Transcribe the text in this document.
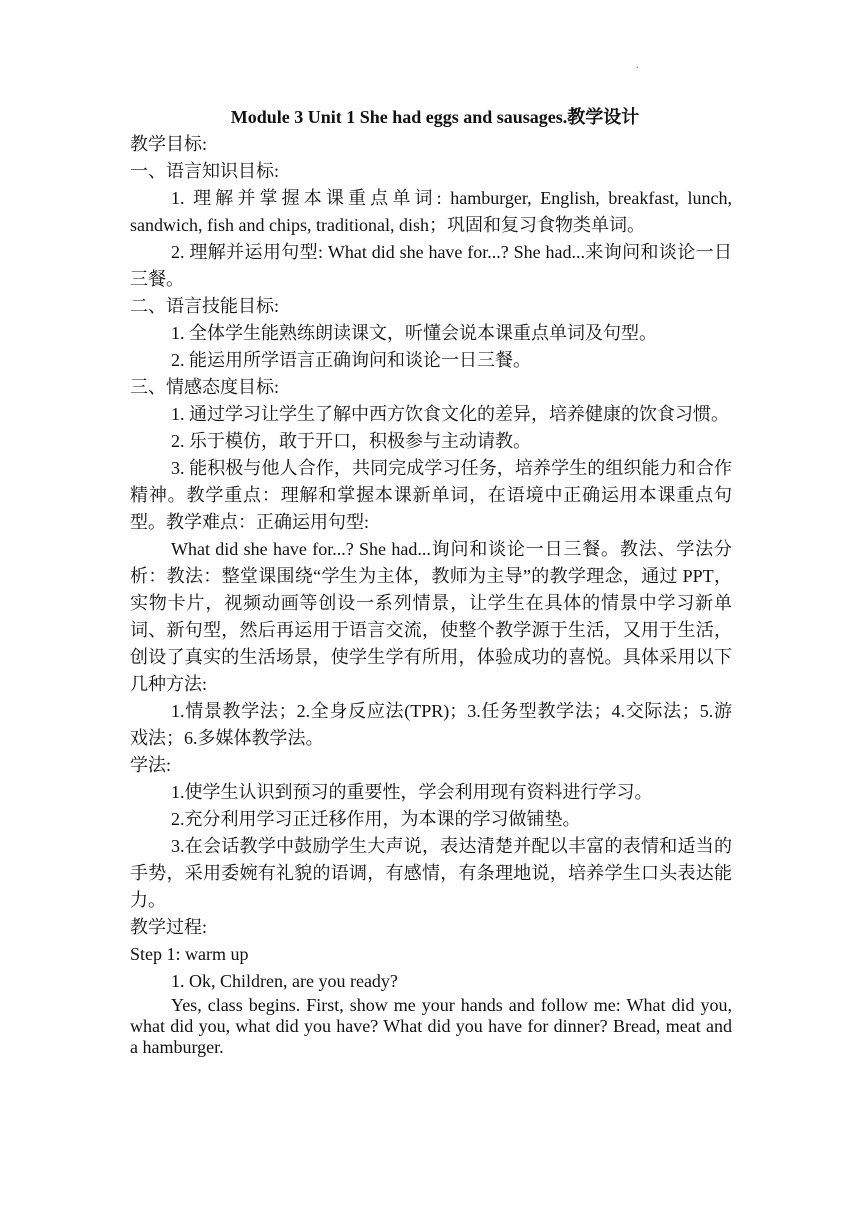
.

Module 3 Unit 1 She had eggs and sausages.教学设计

教学目标:

一、语言知识目标:

1. 理解并掌握本课重点单词: hamburger, English, breakfast, lunch, sandwich, fish and chips, traditional, dish；巩固和复习食物类单词。

2. 理解并运用句型: What did she have for...? She had...来询问和谈论一日三餐。

二、语言技能目标:

1. 全体学生能熟练朗读课文，听懂会说本课重点单词及句型。

2. 能运用所学语言正确询问和谈论一日三餐。

三、情感态度目标:

1. 通过学习让学生了解中西方饮食文化的差异，培养健康的饮食习惯。

2. 乐于模仿，敢于开口，积极参与主动请教。

3. 能积极与他人合作，共同完成学习任务，培养学生的组织能力和合作精神。教学重点：理解和掌握本课新单词，在语境中正确运用本课重点句型。教学难点：正确运用句型:

What did she have for...? She had...询问和谈论一日三餐。教法、学法分析：教法：整堂课围绕“学生为主体，教师为主导”的教学理念，通过 PPT，实物卡片，视频动画等创设一系列情景，让学生在具体的情景中学习新单词、新句型，然后再运用于语言交流，使整个教学源于生活，又用于生活，创设了真实的生活场景，使学生学有所用，体验成功的喜悦。具体采用以下几种方法:

1.情景教学法；2.全身反应法(TPR)；3.任务型教学法；4.交际法；5.游戏法；6.多媒体教学法。

学法:

1.使学生认识到预习的重要性，学会利用现有资料进行学习。

2.充分利用学习正迁移作用，为本课的学习做铺垫。

3.在会话教学中鼓励学生大声说，表达清楚并配以丰富的表情和适当的手势，采用委婉有礼貌的语调，有感情，有条理地说，培养学生口头表达能力。

教学过程:

Step 1: warm up

1. Ok, Children, are you ready?

Yes, class begins. First, show me your hands and follow me: What did you, what did you, what did you have? What did you have for dinner? Bread, meat and a hamburger.
